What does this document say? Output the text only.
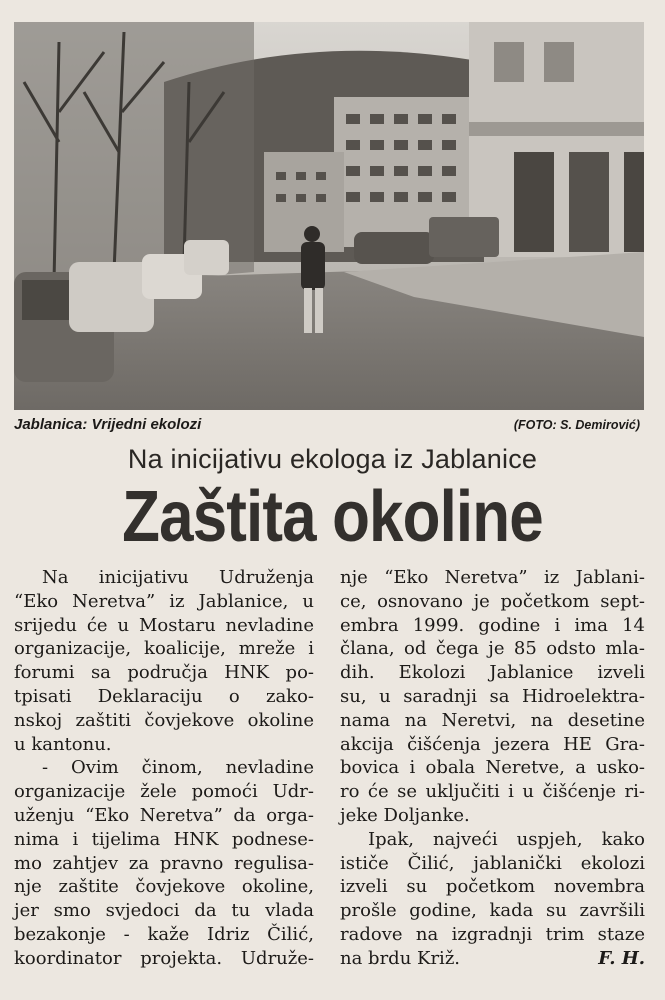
Jablanica: Vrijedni ekolozi	(FOTO: S. Demirović)
Na inicijativu ekologa iz Jablanice
Zaštita okoline
Na inicijativu Udruženja
“Eko Neretva” iz Jablanice, u
srijedu će u Mostaru nevladine
organizacije, koalicije, mreže i
forumi sa područja HNK po-
tpisati Deklaraciju o zako-
nskoj zaštiti čovjekove okoline
u kantonu.
- Ovim činom, nevladine
organizacije žele pomoći Udr-
uženju “Eko Neretva” da orga-
nima i tijelima HNK podnese-
mo zahtjev za pravno regulisa-
nje zaštite čovjekove okoline,
jer smo svjedoci da tu vlada
bezakonje - kaže Idriz Čilić,
koordinator projekta. Udruže-
nje “Eko Neretva” iz Jablani-
ce, osnovano je početkom sept-
embra 1999. godine i ima 14
člana, od čega je 85 odsto mla-
dih. Ekolozi Jablanice izveli
su, u saradnji sa Hidroelektra-
nama na Neretvi, na desetine
akcija čišćenja jezera HE Gra-
bovica i obala Neretve, a usko-
ro će se uključiti i u čišćenje ri-
jeke Doljanke.
Ipak, najveći uspjeh, kako
ističe Čilić, jablanički ekolozi
izveli su početkom novembra
prošle godine, kada su završili
radove na izgradnji trim staze
na brdu Križ.	F. H.
